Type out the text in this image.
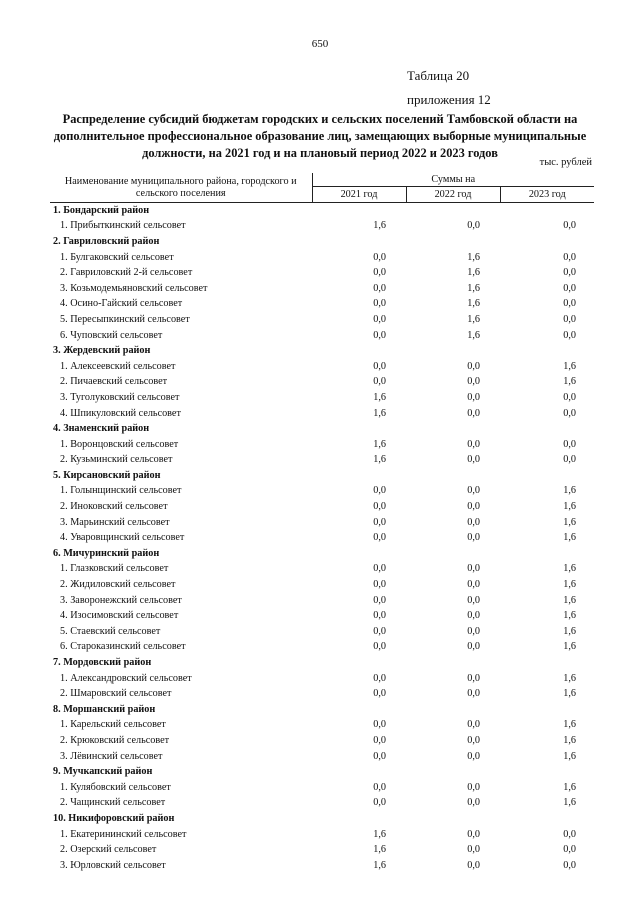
650
Таблица 20
приложения 12
Распределение субсидий бюджетам городских и сельских поселений Тамбовской области на дополнительное профессиональное образование лиц, замещающих выборные муниципальные должности, на 2021 год и на плановый период 2022 и 2023 годов
тыс. рублей
Наименование муниципального района, городского и сельского поселения	Суммы на		
	2021 год	2022 год	2023 год
1. Бондарский район			
1. Прибыткинский сельсовет	1,6	0,0	0,0
2. Гавриловский район			
1. Булгаковский сельсовет	0,0	1,6	0,0
2. Гавриловский 2-й сельсовет	0,0	1,6	0,0
3. Козьмодемьяновский сельсовет	0,0	1,6	0,0
4. Осино-Гайский сельсовет	0,0	1,6	0,0
5. Пересыпкинский сельсовет	0,0	1,6	0,0
6. Чуповский сельсовет	0,0	1,6	0,0
3. Жердевский район			
1. Алексеевский сельсовет	0,0	0,0	1,6
2. Пичаевский сельсовет	0,0	0,0	1,6
3. Туголуковский сельсовет	1,6	0,0	0,0
4. Шпикуловский сельсовет	1,6	0,0	0,0
4. Знаменский район			
1. Воронцовский сельсовет	1,6	0,0	0,0
2. Кузьминский сельсовет	1,6	0,0	0,0
5. Кирсановский район			
1. Голынщинский сельсовет	0,0	0,0	1,6
2. Иноковский сельсовет	0,0	0,0	1,6
3. Марьинский сельсовет	0,0	0,0	1,6
4. Уваровщинский сельсовет	0,0	0,0	1,6
6. Мичуринский район			
1. Глазковский сельсовет	0,0	0,0	1,6
2. Жидиловский сельсовет	0,0	0,0	1,6
3. Заворонежский сельсовет	0,0	0,0	1,6
4. Изосимовский сельсовет	0,0	0,0	1,6
5. Стаевский сельсовет	0,0	0,0	1,6
6. Староказинский сельсовет	0,0	0,0	1,6
7. Мордовский район			
1. Александровский сельсовет	0,0	0,0	1,6
2. Шмаровский сельсовет	0,0	0,0	1,6
8. Моршанский район			
1. Карельский сельсовет	0,0	0,0	1,6
2. Крюковский сельсовет	0,0	0,0	1,6
3. Лёвинский сельсовет	0,0	0,0	1,6
9. Мучкапский район			
1. Кулябовский сельсовет	0,0	0,0	1,6
2. Чащинский сельсовет	0,0	0,0	1,6
10. Никифоровский район			
1. Екатерининский сельсовет	1,6	0,0	0,0
2. Озерский сельсовет	1,6	0,0	0,0
3. Юрловский сельсовет	1,6	0,0	0,0
